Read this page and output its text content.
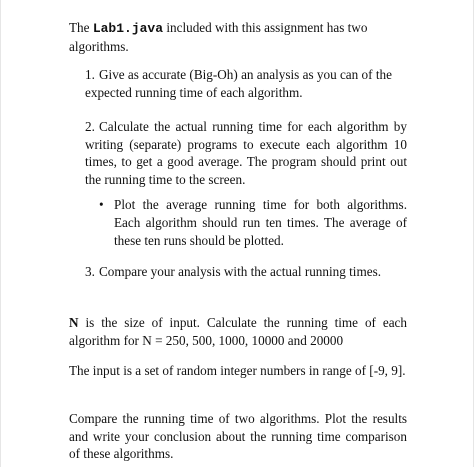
The Lab1.java included with this assignment has two algorithms.

1. Give as accurate (Big-Oh) an analysis as you can of the expected running time of each algorithm.

2. Calculate the actual running time for each algorithm by writing (separate) programs to execute each algorithm 10 times, to get a good average. The program should print out the running time to the screen.

• Plot the average running time for both algorithms. Each algorithm should run ten times. The average of these ten runs should be plotted.

3. Compare your analysis with the actual running times.

N is the size of input. Calculate the running time of each algorithm for N = 250, 500, 1000, 10000 and 20000

The input is a set of random integer numbers in range of [-9, 9].

Compare the running time of two algorithms. Plot the results and write your conclusion about the running time comparison of these algorithms.
